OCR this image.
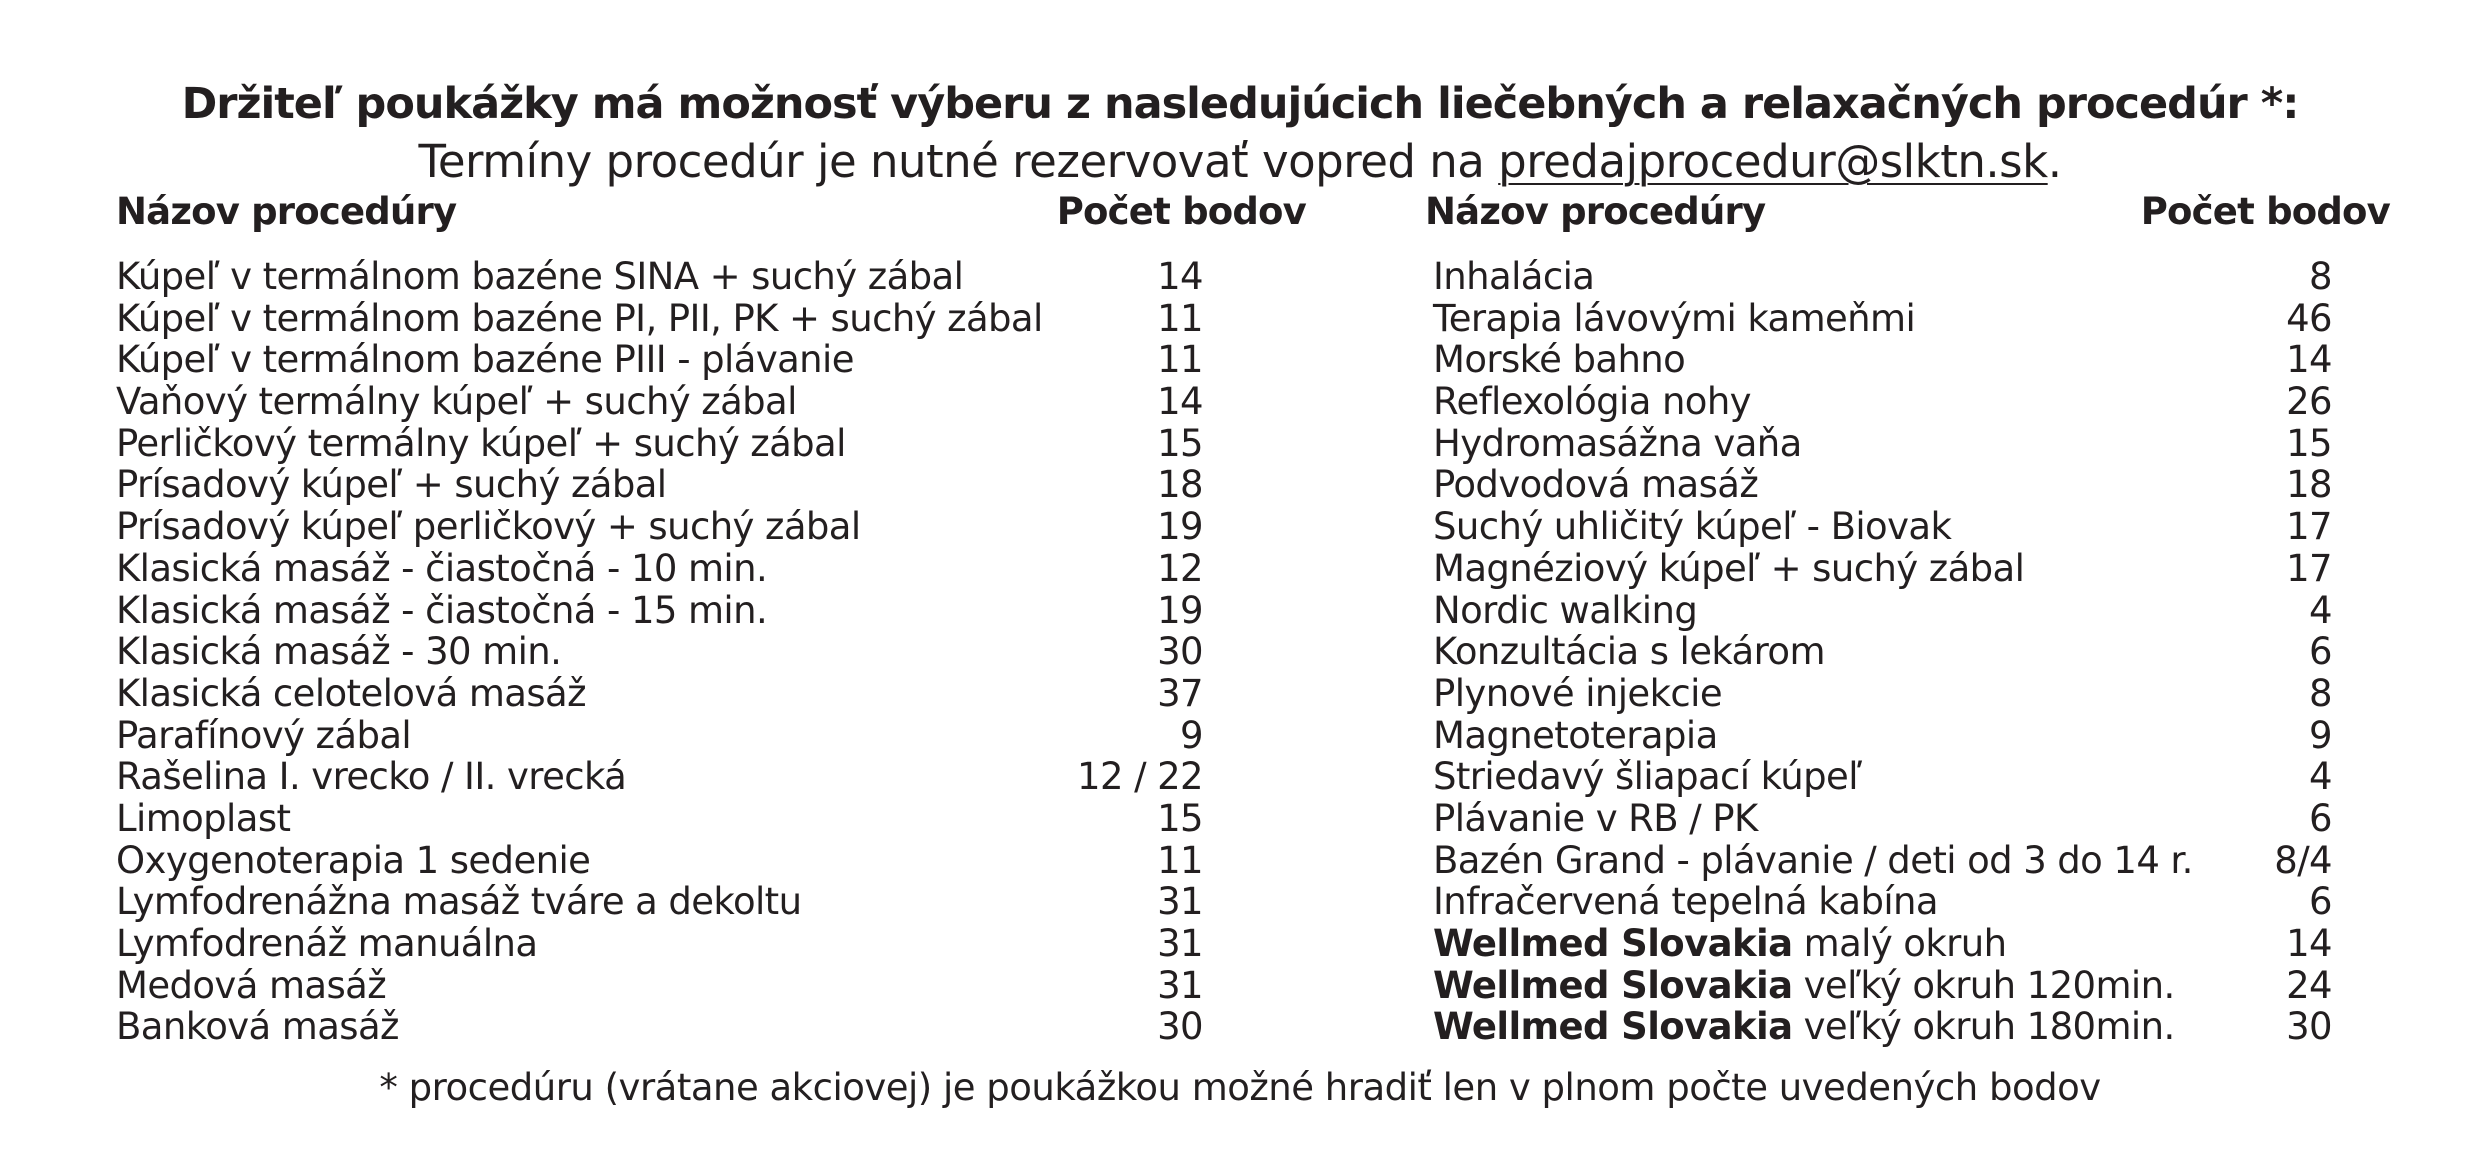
Držiteľ poukážky má možnosť výberu z nasledujúcich liečebných a relaxačných procedúr *:
Termíny procedúr je nutné rezervovať vopred na predajprocedur@slktn.sk.
Názov procedúry	Počet bodov
Kúpeľ v termálnom bazéne SINA + suchý zábal	14
Kúpeľ v termálnom bazéne PI, PII, PK + suchý zábal	11
Kúpeľ v termálnom bazéne PIII - plávanie	11
Vaňový termálny kúpeľ + suchý zábal	14
Perličkový termálny kúpeľ + suchý zábal	15
Prísadový kúpeľ + suchý zábal	18
Prísadový kúpeľ perličkový + suchý zábal	19
Klasická masáž - čiastočná - 10 min.	12
Klasická masáž - čiastočná - 15 min.	19
Klasická masáž - 30 min.	30
Klasická celotelová masáž	37
Parafínový zábal	9
Rašelina I. vrecko / II. vrecká	12 / 22
Limoplast	15
Oxygenoterapia 1 sedenie	11
Lymfodrenážna masáž tváre a dekoltu	31
Lymfodrenáž manuálna	31
Medová masáž	31
Banková masáž	30
Názov procedúry	Počet bodov
Inhalácia	8
Terapia lávovými kameňmi	46
Morské bahno	14
Reflexológia nohy	26
Hydromasážna vaňa	15
Podvodová masáž	18
Suchý uhličitý kúpeľ - Biovak	17
Magnéziový kúpeľ + suchý zábal	17
Nordic walking	4
Konzultácia s lekárom	6
Plynové injekcie	8
Magnetoterapia	9
Striedavý šliapací kúpeľ	4
Plávanie v RB / PK	6
Bazén Grand - plávanie / deti od 3 do 14 r. 8/4
Infračervená tepelná kabína	6
Wellmed Slovakia malý okruh	14
Wellmed Slovakia veľký okruh 120min.	24
Wellmed Slovakia veľký okruh 180min.	30
* procedúru (vrátane akciovej) je poukážkou možné hradiť len v plnom počte uvedených bodov
